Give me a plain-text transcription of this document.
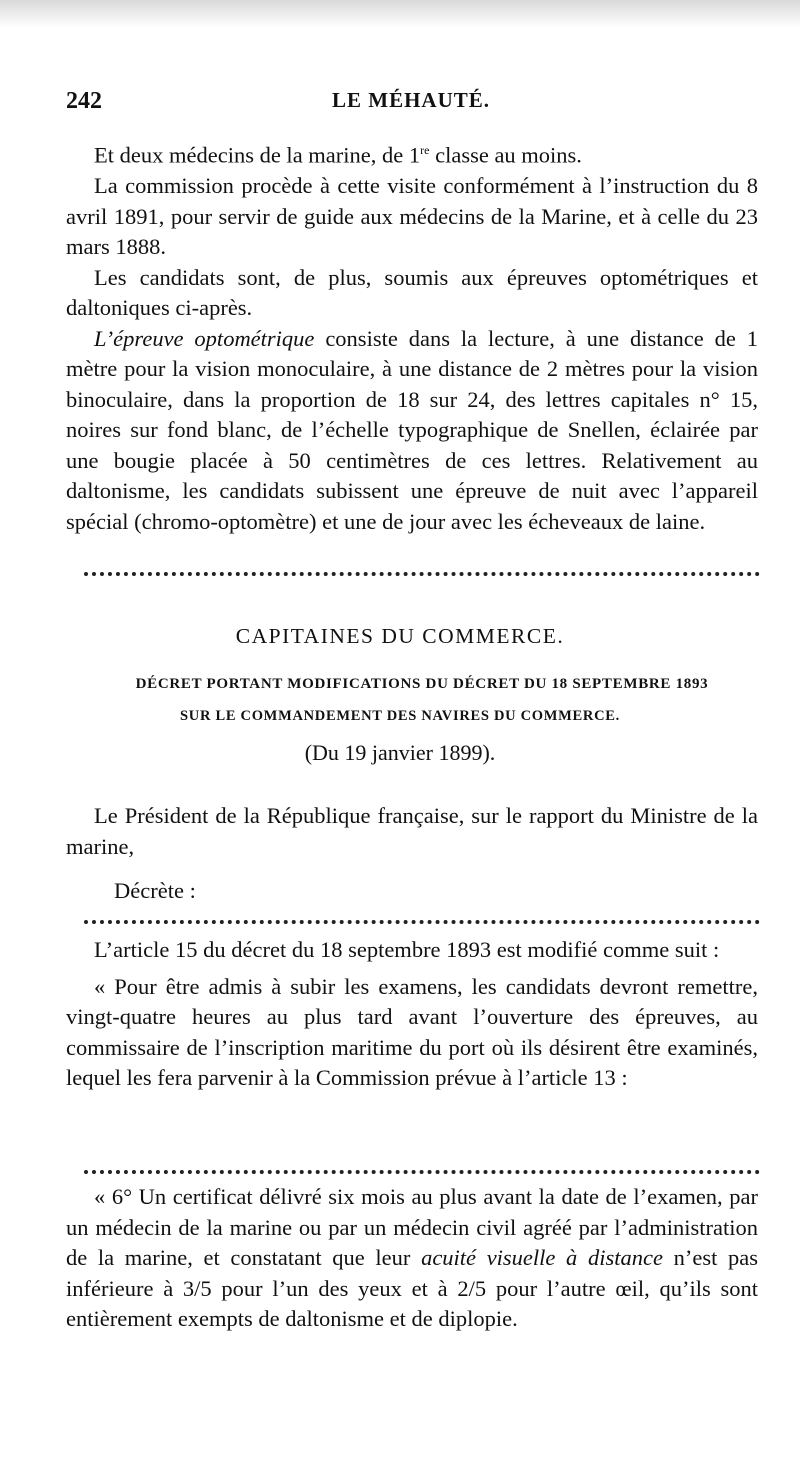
242	LE MÉHAUTÉ.

Et deux médecins de la marine, de 1re classe au moins.

La commission procède à cette visite conformément à l’instruction du 8 avril 1891, pour servir de guide aux médecins de la Marine, et à celle du 23 mars 1888.

Les candidats sont, de plus, soumis aux épreuves optométriques et daltoniques ci-après.

L’épreuve optométrique consiste dans la lecture, à une distance de 1 mètre pour la vision monoculaire, à une distance de 2 mètres pour la vision binoculaire, dans la proportion de 18 sur 24, des lettres capitales n° 15, noires sur fond blanc, de l’échelle typographique de Snellen, éclairée par une bougie placée à 50 centimètres de ces lettres. Relativement au daltonisme, les candidats subissent une épreuve de nuit avec l’appareil spécial (chromo-optomètre) et une de jour avec les écheveaux de laine.

CAPITAINES DU COMMERCE.
DÉCRET PORTANT MODIFICATIONS DU DÉCRET DU 18 SEPTEMBRE 1893
SUR LE COMMANDEMENT DES NAVIRES DU COMMERCE.
(Du 19 janvier 1899).

Le Président de la République française, sur le rapport du Ministre de la marine,

Décrète :

L’article 15 du décret du 18 septembre 1893 est modifié comme suit :

« Pour être admis à subir les examens, les candidats devront remettre, vingt-quatre heures au plus tard avant l’ouverture des épreuves, au commissaire de l’inscription maritime du port où ils désirent être examinés, lequel les fera parvenir à la Commission prévue à l’article 13 :

« 6° Un certificat délivré six mois au plus avant la date de l’examen, par un médecin de la marine ou par un médecin civil agréé par l’administration de la marine, et constatant que leur acuité visuelle à distance n’est pas inférieure à 3/5 pour l’un des yeux et à 2/5 pour l’autre œil, qu’ils sont entièrement exempts de daltonisme et de diplopie.
